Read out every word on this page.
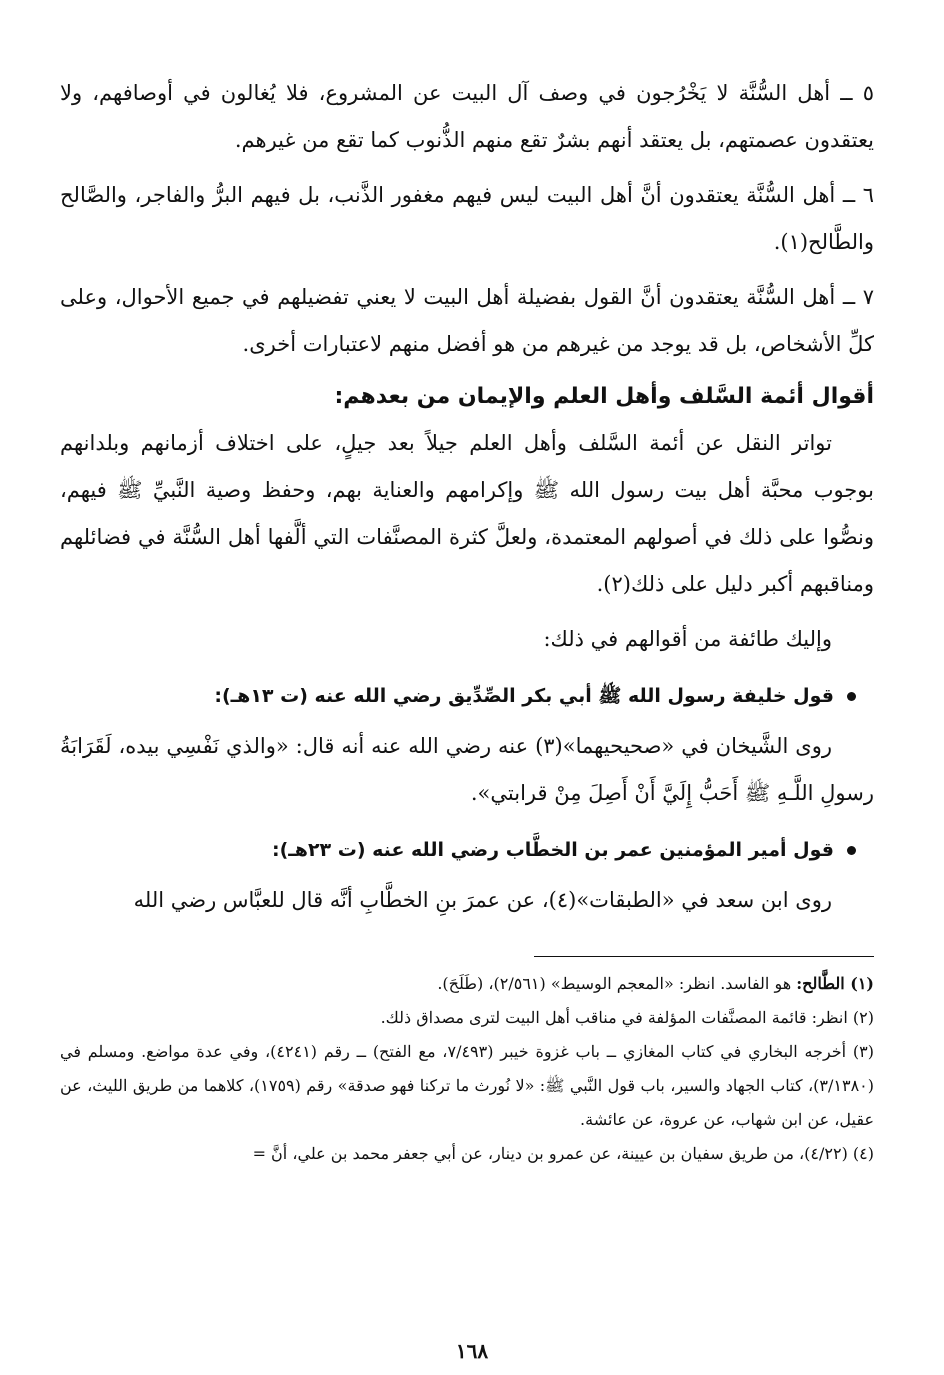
٥ ــ أهل السُّنَّة لا يَخْرُجون في وصف آل البيت عن المشروع، فلا يُغالون في أوصافهم، ولا يعتقدون عصمتهم، بل يعتقد أنهم بشرٌ تقع منهم الذُّنوب كما تقع من غيرهم.

٦ ــ أهل السُّنَّة يعتقدون أنَّ أهل البيت ليس فيهم مغفور الذَّنب، بل فيهم البرُّ والفاجر، والصَّالح والطَّالح(١).

٧ ــ أهل السُّنَّة يعتقدون أنَّ القول بفضيلة أهل البيت لا يعني تفضيلهم في جميع الأحوال، وعلى كلِّ الأشخاص، بل قد يوجد من غيرهم من هو أفضل منهم لاعتبارات أخرى.

أقوال أئمة السَّلف وأهل العلم والإيمان من بعدهم:

تواتر النقل عن أئمة السَّلف وأهل العلم جيلاً بعد جيلٍ، على اختلاف أزمانهم وبلدانهم بوجوب محبَّة أهل بيت رسول الله ﷺ وإكرامهم والعناية بهم، وحفظ وصية النَّبيِّ ﷺ فيهم، ونصُّوا على ذلك في أصولهم المعتمدة، ولعلَّ كثرة المصنَّفات التي ألَّفها أهل السُّنَّة في فضائلهم ومناقبهم أكبر دليل على ذلك(٢).

وإليك طائفة من أقوالهم في ذلك:

قول خليفة رسول الله ﷺ أبي بكر الصِّدِّيق رضي الله عنه (ت ١٣هـ):

روى الشَّيخان في «صحيحيهما»(٣) عنه رضي الله عنه أنه قال: «والذي نَفْسِي بيده، لَقَرَابَةُ رسولِ اللَّـهِ ﷺ أَحَبُّ إِلَيَّ أَنْ أَصِلَ مِنْ قرابتي».

قول أمير المؤمنين عمر بن الخطَّاب رضي الله عنه (ت ٢٣هـ):

روى ابن سعد في «الطبقات»(٤)، عن عمرَ بنِ الخطَّابِ أنَّه قال للعبَّاس رضي الله

(١) الطَّالح: هو الفاسد. انظر: «المعجم الوسيط» (٢/٥٦١)، (طَلَحَ).

(٢) انظر: قائمة المصنَّفات المؤلفة في مناقب أهل البيت لترى مصداق ذلك.

(٣) أخرجه البخاري في كتاب المغازي ــ باب غزوة خيبر (٧/٤٩٣، مع الفتح) ــ رقم (٤٢٤١)، وفي عدة مواضع. ومسلم في (٣/١٣٨٠)، كتاب الجهاد والسير، باب قول النَّبي ﷺ: «لا نُورث ما تركنا فهو صدقة» رقم (١٧٥٩)، كلاهما من طريق الليث، عن عقيل، عن ابن شهاب، عن عروة، عن عائشة.

(٤) (٤/٢٢)، من طريق سفيان بن عيينة، عن عمرو بن دينار، عن أبي جعفر محمد بن علي، أنَّ =

١٦٨
